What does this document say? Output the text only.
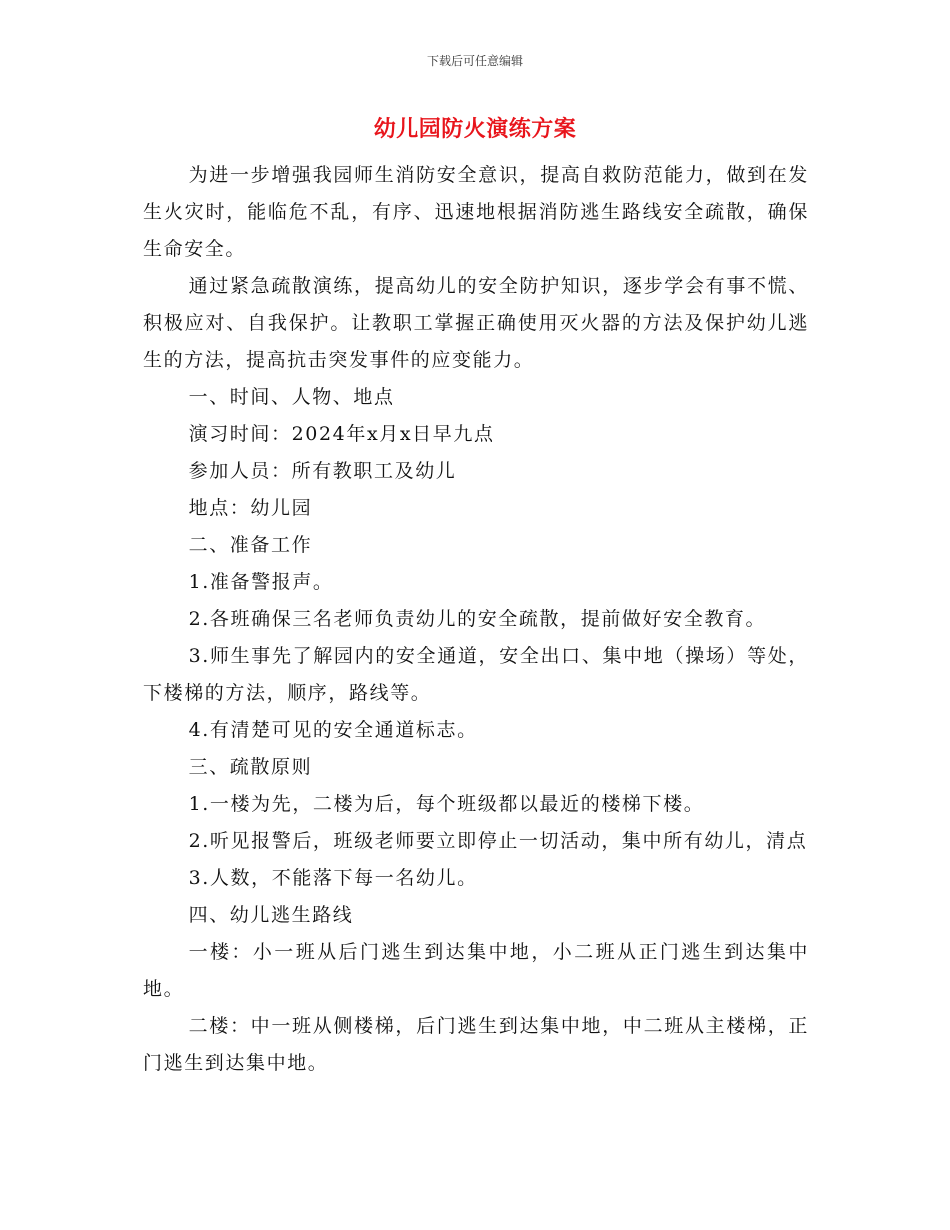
下载后可任意编辑
幼儿园防火演练方案

为进一步增强我园师生消防安全意识，提高自救防范能力，做到在发生火灾时，能临危不乱，有序、迅速地根据消防逃生路线安全疏散，确保生命安全。

通过紧急疏散演练，提高幼儿的安全防护知识，逐步学会有事不慌、积极应对、自我保护。让教职工掌握正确使用灭火器的方法及保护幼儿逃生的方法，提高抗击突发事件的应变能力。

一、时间、人物、地点

演习时间：2024年x月x日早九点

参加人员：所有教职工及幼儿

地点：幼儿园

二、准备工作

1.准备警报声。

2.各班确保三名老师负责幼儿的安全疏散，提前做好安全教育。

3.师生事先了解园内的安全通道，安全出口、集中地（操场）等处，下楼梯的方法，顺序，路线等。

4.有清楚可见的安全通道标志。

三、疏散原则

1.一楼为先，二楼为后，每个班级都以最近的楼梯下楼。

2.听见报警后，班级老师要立即停止一切活动，集中所有幼儿，清点

3.人数，不能落下每一名幼儿。

四、幼儿逃生路线

一楼：小一班从后门逃生到达集中地，小二班从正门逃生到达集中地。

二楼：中一班从侧楼梯，后门逃生到达集中地，中二班从主楼梯，正门逃生到达集中地。
